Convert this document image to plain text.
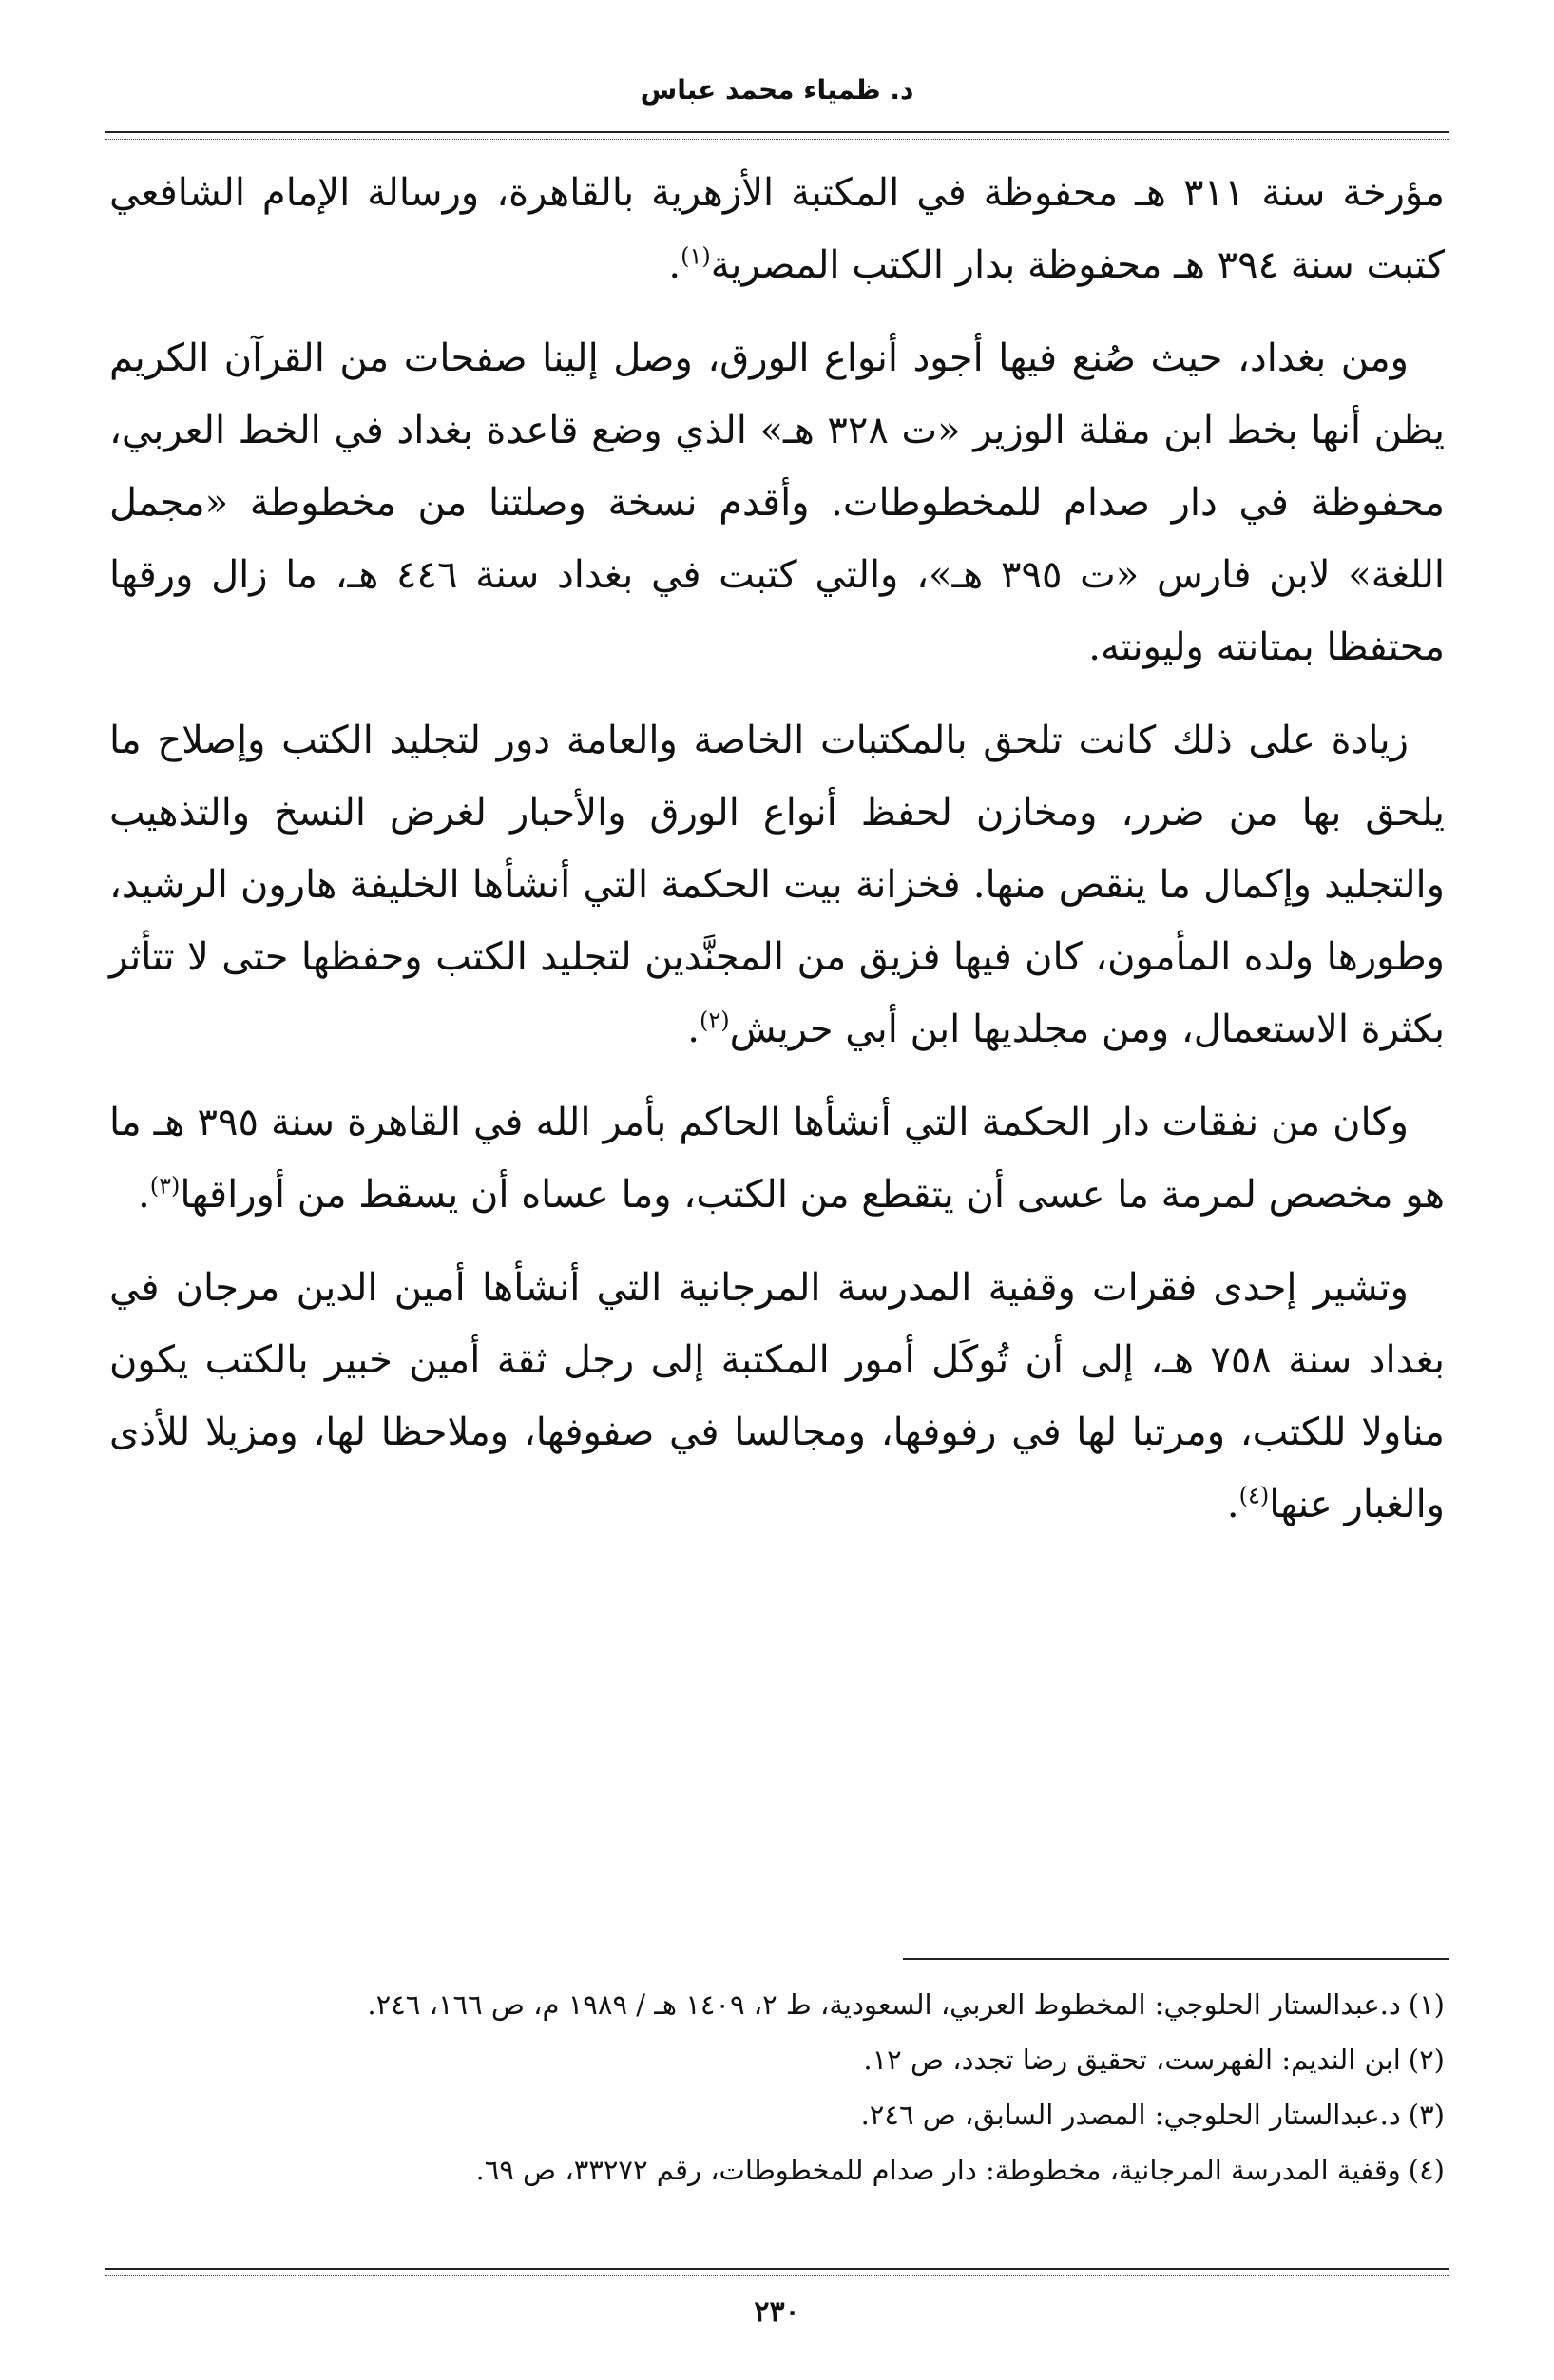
د. ظمياء محمد عباس

مؤرخة سنة ٣١١ هـ محفوظة في المكتبة الأزهرية بالقاهرة، ورسالة الإمام الشافعي كتبت سنة ٣٩٤ هـ محفوظة بدار الكتب المصرية$^{(١)}$.

ومن بغداد، حيث صُنع فيها أجود أنواع الورق، وصل إلينا صفحات من القرآن الكريم يظن أنها بخط ابن مقلة الوزير «ت ٣٢٨ هـ» الذي وضع قاعدة بغداد في الخط العربي، محفوظة في دار صدام للمخطوطات. وأقدم نسخة وصلتنا من مخطوطة «مجمل اللغة» لابن فارس «ت ٣٩٥ هـ»، والتي كتبت في بغداد سنة ٤٤٦ هـ، ما زال ورقها محتفظا بمتانته وليونته.

زيادة على ذلك كانت تلحق بالمكتبات الخاصة والعامة دور لتجليد الكتب وإصلاح ما يلحق بها من ضرر، ومخازن لحفظ أنواع الورق والأحبار لغرض النسخ والتذهيب والتجليد وإكمال ما ينقص منها. فخزانة بيت الحكمة التي أنشأها الخليفة هارون الرشيد، وطورها ولده المأمون، كان فيها فزيق من المجنَّدين لتجليد الكتب وحفظها حتى لا تتأثر بكثرة الاستعمال، ومن مجلديها ابن أبي حريش$^{(٢)}$.

وكان من نفقات دار الحكمة التي أنشأها الحاكم بأمر الله في القاهرة سنة ٣٩٥ هـ ما هو مخصص لمرمة ما عسى أن يتقطع من الكتب، وما عساه أن يسقط من أوراقها$^{(٣)}$.

وتشير إحدى فقرات وقفية المدرسة المرجانية التي أنشأها أمين الدين مرجان في بغداد سنة ٧٥٨ هـ، إلى أن تُوكَل أمور المكتبة إلى رجل ثقة أمين خبير بالكتب يكون مناولا للكتب، ومرتبا لها في رفوفها، ومجالسا في صفوفها، وملاحظا لها، ومزيلا للأذى والغبار عنها$^{(٤)}$.

(١)د.عبدالستار الحلوجي: المخطوط العربي، السعودية، ط ٢، ١٤٠٩ هـ / ١٩٨٩ م، ص ١٦٦، ٢٤٦.
(٢)ابن النديم: الفهرست، تحقيق رضا تجدد، ص ١٢.
(٣)د.عبدالستار الحلوجي: المصدر السابق، ص ٢٤٦.
(٤)وقفية المدرسة المرجانية، مخطوطة: دار صدام للمخطوطات، رقم ٣٣٢٧٢، ص ٦٩.
٢٣٠
